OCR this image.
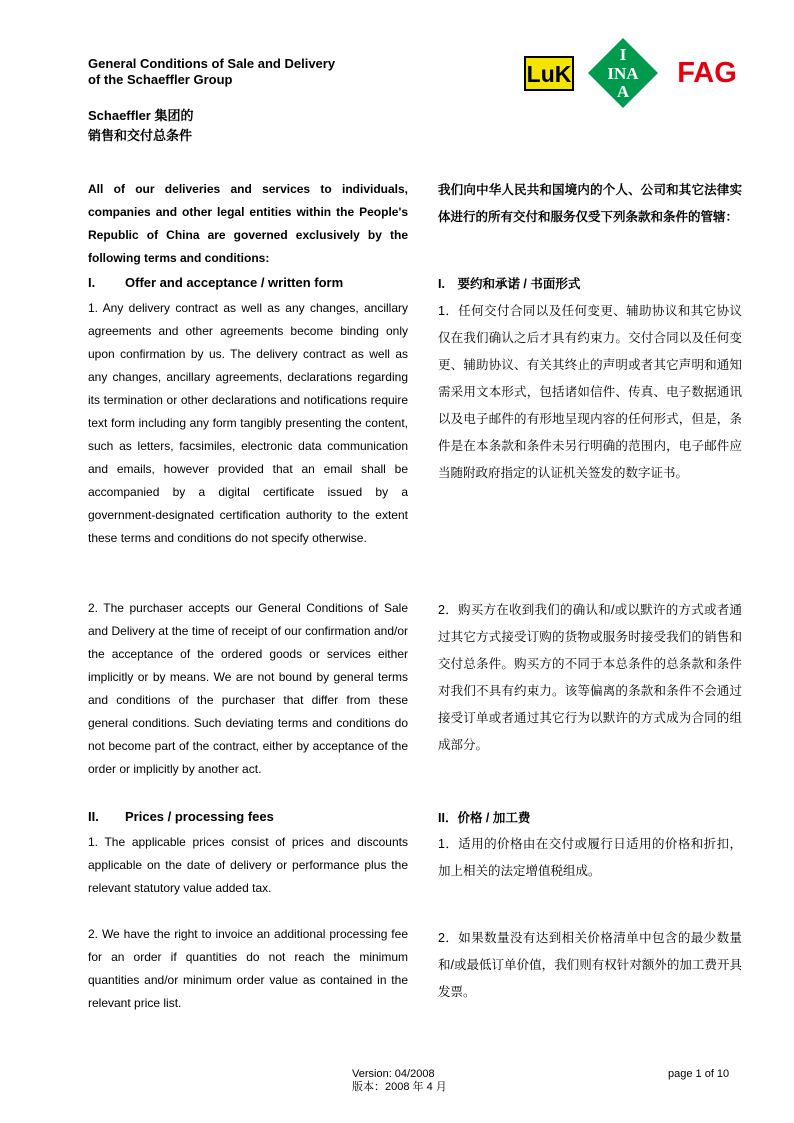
General Conditions of Sale and Delivery
of the Schaeffler Group
Schaeffler 集团的
销售和交付总条件
LuK
I
INA
A
FAG
All of our deliveries and services to individuals, companies and other legal entities within the People's Republic of China are governed exclusively by the following terms and conditions:
I.	Offer and acceptance / written form
1. Any delivery contract as well as any changes, ancillary agreements and other agreements become binding only upon confirmation by us. The delivery contract as well as any changes, ancillary agreements, declarations regarding its termination or other declarations and notifications require text form including any form tangibly presenting the content, such as letters, facsimiles, electronic data communication and emails, however provided that an email shall be accompanied by a digital certificate issued by a government-designated certification authority to the extent these terms and conditions do not specify otherwise.
2. The purchaser accepts our General Conditions of Sale and Delivery at the time of receipt of our confirmation and/or the acceptance of the ordered goods or services either implicitly or by means. We are not bound by general terms and conditions of the purchaser that differ from these general conditions. Such deviating terms and conditions do not become part of the contract, either by acceptance of the order or implicitly by another act.
II.	Prices / processing fees
1. The applicable prices consist of prices and discounts applicable on the date of delivery or performance plus the relevant statutory value added tax.
2. We have the right to invoice an additional processing fee for an order if quantities do not reach the minimum quantities and/or minimum order value as contained in the relevant price list.
我们向中华人民共和国境内的个人、公司和其它法律实体进行的所有交付和服务仅受下列条款和条件的管辖：
I.　要约和承诺 / 书面形式
1．任何交付合同以及任何变更、辅助协议和其它协议仅在我们确认之后才具有约束力。交付合同以及任何变更、辅助协议、有关其终止的声明或者其它声明和通知需采用文本形式，包括诸如信件、传真、电子数据通讯以及电子邮件的有形地呈现内容的任何形式，但是，条件是在本条款和条件未另行明确的范围内，电子邮件应当随附政府指定的认证机关签发的数字证书。
2．购买方在收到我们的确认和/或以默许的方式或者通过其它方式接受订购的货物或服务时接受我们的销售和交付总条件。购买方的不同于本总条件的总条款和条件对我们不具有约束力。该等偏离的条款和条件不会通过接受订单或者通过其它行为以默许的方式成为合同的组成部分。
II．价格 / 加工费
1．适用的价格由在交付或履行日适用的价格和折扣，加上相关的法定增值税组成。
2．如果数量没有达到相关价格清单中包含的最少数量和/或最低订单价值，我们则有权针对额外的加工费开具发票。
Version: 04/2008
版本：2008 年 4 月
page 1 of 10
